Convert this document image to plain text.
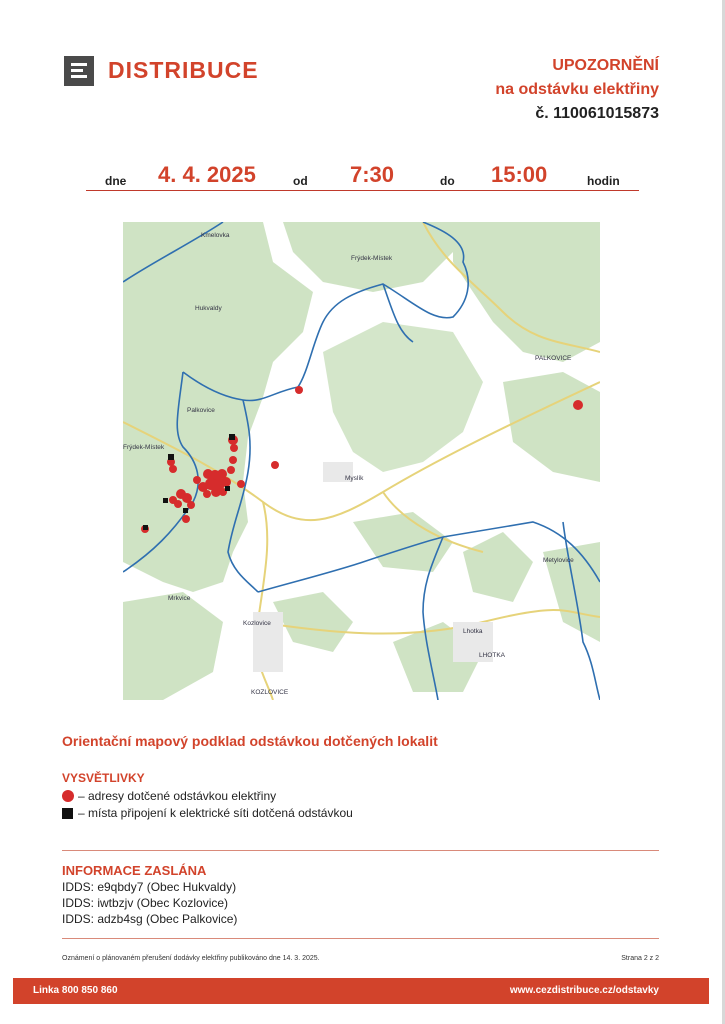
DISTRIBUCE	UPOZORNĚNÍ
na odstávku elektřiny
č. 110061015873
dne 4. 4. 2025	od 7:30	do 15:00	hodin
Kmelovka
Frýdek-Místek
Hukvaldy
Palkovice
PALKOVICE
Frýdek-Místek
Myslík
Metylovice
Mrkvice
Kozlovice
Lhotka
LHOTKA
KOZLOVICE
Orientační mapový podklad odstávkou dotčených lokalit
VYSVĚTLIVKY
– adresy dotčené odstávkou elektřiny
– místa připojení k elektrické síti dotčená odstávkou
INFORMACE ZASLÁNA
IDDS: e9qbdy7 (Obec Hukvaldy)
IDDS: iwtbzjv (Obec Kozlovice)
IDDS: adzb4sg (Obec Palkovice)
Oznámení o plánovaném přerušení dodávky elektřiny publikováno dne 14. 3. 2025.	Strana 2 z 2
Linka 800 850 860	www.cezdistribuce.cz/odstavky
